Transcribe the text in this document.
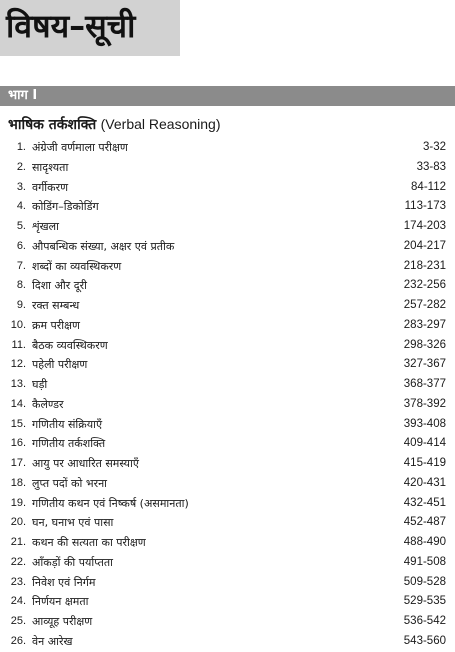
विषय–सूची
भाग I
भाषिक तर्कशक्ति (Verbal Reasoning)
1. अंग्रेजी वर्णमाला परीक्षण	3-32
2. सादृश्यता	33-83
3. वर्गीकरण	84-112
4. कोडिंग–डिकोडिंग	113-173
5. शृंखला	174-203
6. औपबन्धिक संख्या, अक्षर एवं प्रतीक	204-217
7. शब्दों का व्यवस्थिकरण	218-231
8. दिशा और दूरी	232-256
9. रक्त सम्बन्ध	257-282
10. क्रम परीक्षण	283-297
11. बैठक व्यवस्थिकरण	298-326
12. पहेली परीक्षण	327-367
13. घड़ी	368-377
14. कैलेण्डर	378-392
15. गणितीय संक्रियाएँ	393-408
16. गणितीय तर्कशक्ति	409-414
17. आयु पर आधारित समस्याएँ	415-419
18. लुप्त पदों को भरना	420-431
19. गणितीय कथन एवं निष्कर्ष (असमानता)	432-451
20. घन, घनाभ एवं पासा	452-487
21. कथन की सत्यता का परीक्षण	488-490
22. आँकड़ों की पर्याप्तता	491-508
23. निवेश एवं निर्गम	509-528
24. निर्णयन क्षमता	529-535
25. आव्यूह परीक्षण	536-542
26. वेन आरेख	543-560
